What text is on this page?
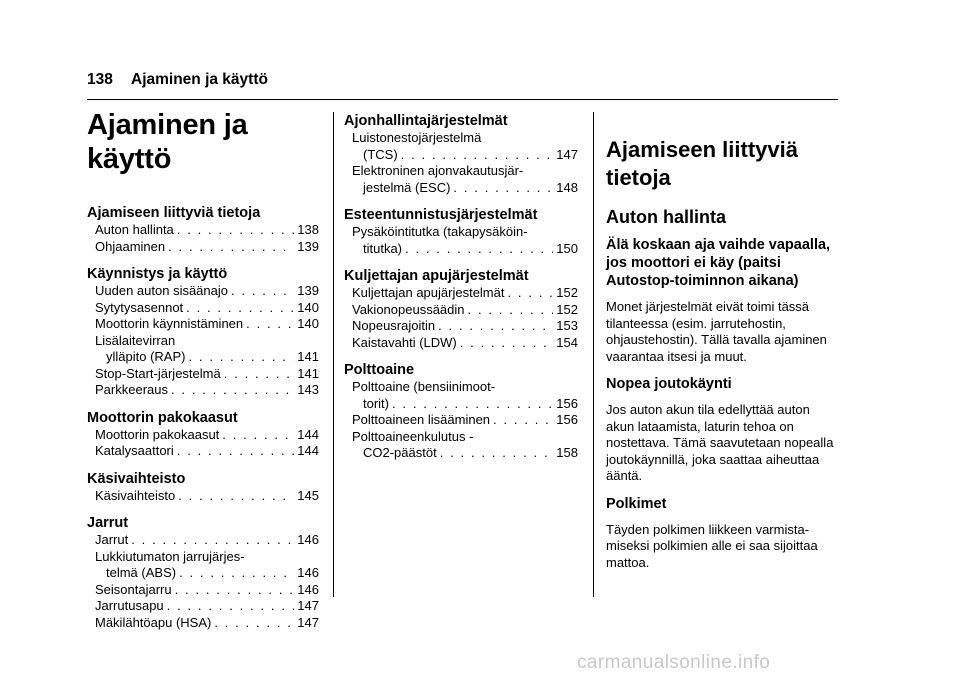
138 Ajaminen ja käyttö
Ajaminen ja käyttö
Ajamiseen liittyviä tietoja
Auton hallinta . . .	138
Ohjaaminen . . .	139
Käynnistys ja käyttö
Uuden auton sisäänajo . . .	139
Sytytysasennot . . .	140
Moottorin käynnistäminen . . .	140
Lisälaitevirran
ylläpito (RAP) . . .	141
Stop-Start-järjestelmä . . .	141
Parkkeeraus . . .	143
Moottorin pakokaasut
Moottorin pakokaasut . . .	144
Katalysaattori . . .	144
Käsivaihteisto
Käsivaihteisto . . .	145
Jarrut
Jarrut . . .	146
Lukkiutumaton jarrujärjes-
telmä (ABS) . . .	146
Seisontajarru . . .	146
Jarrutusapu . . .	147
Mäkilähtöapu (HSA) . . .	147
Ajonhallintajärjestelmät
Luistonestojärjestelmä
(TCS) . . .	147
Elektroninen ajonvakautusjär-
jestelmä (ESC) . . .	148
Esteentunnistusjärjestelmät
Pysäköintitutka (takapysäköin-
titutka) . . .	150
Kuljettajan apujärjestelmät
Kuljettajan apujärjestelmät . . .	152
Vakionopeussäädin . . .	152
Nopeusrajoitin . . .	153
Kaistavahti (LDW) . . .	154
Polttoaine
Polttoaine (bensiinimoot-
torit) . . .	156
Polttoaineen lisääminen . . .	156
Polttoaineenkulutus -
CO2-päästöt . . .	158
Ajamiseen liittyviä tietoja
Auton hallinta
Älä koskaan aja vaihde vapaalla, jos moottori ei käy (paitsi Autostop-toiminnon aikana)
Monet järjestelmät eivät toimi tässä tilanteessa (esim. jarrutehostin, ohjaustehostin). Tällä tavalla ajaminen vaarantaa itsesi ja muut.
Nopea joutokäynti
Jos auton akun tila edellyttää auton akun lataamista, laturin tehoa on nostettava. Tämä saavutetaan nopealla joutokäynnillä, joka saattaa aiheuttaa ääntä.
Polkimet
Täyden polkimen liikkeen varmista-miseksi polkimien alle ei saa sijoittaa mattoa.
carmanualsonline.info
